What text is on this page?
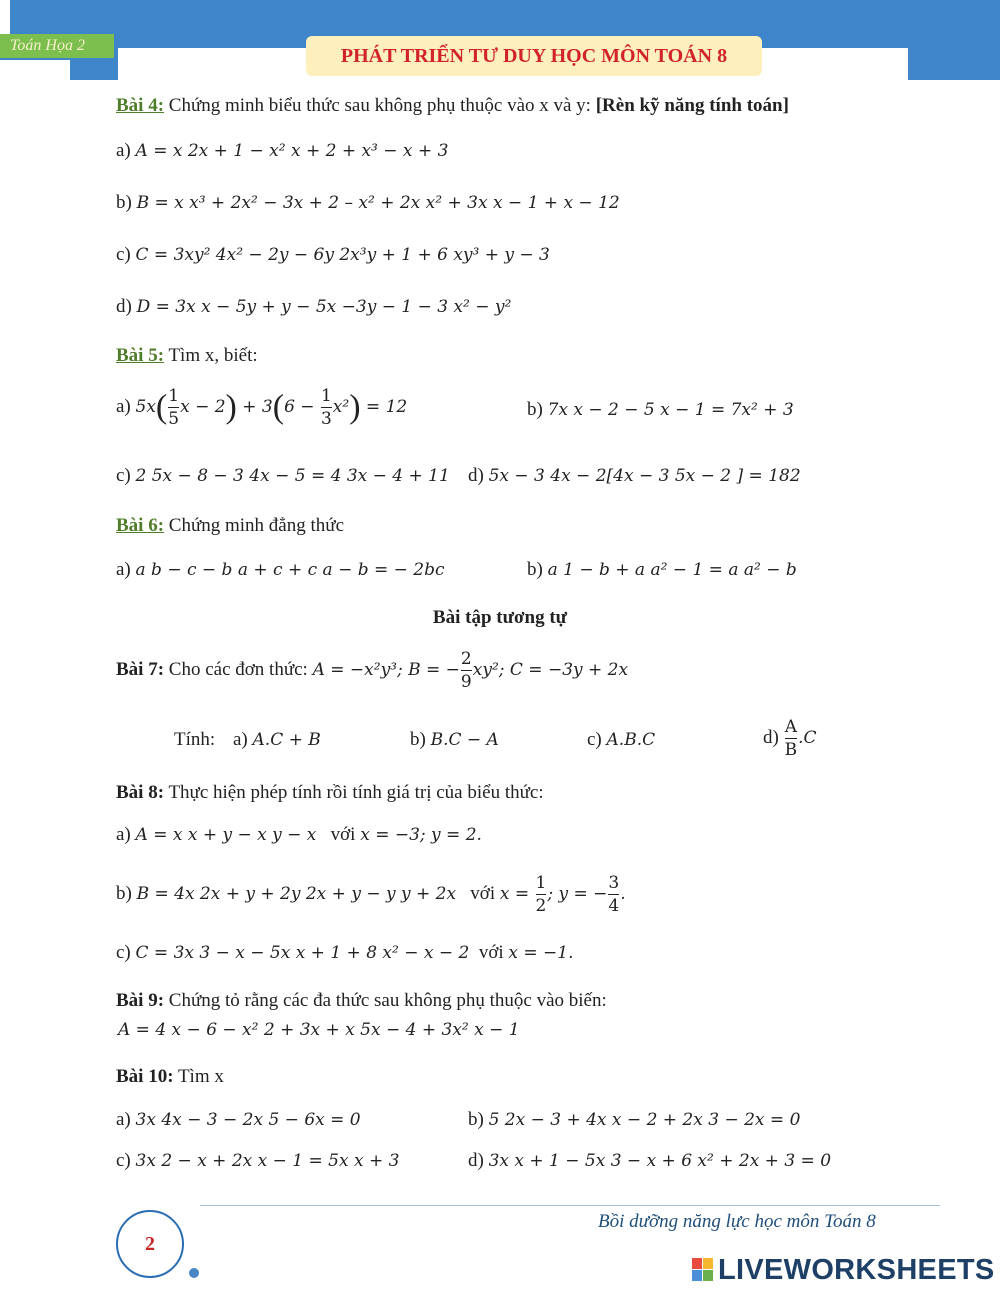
Toán Họa 2	PHÁT TRIỂN TƯ DUY HỌC MÔN TOÁN 8
Bài 4: Chứng minh biểu thức sau không phụ thuộc vào x và y: [Rèn kỹ năng tính toán]
a) A = x 2x + 1 − x² x + 2 + x³ − x + 3
b) B = x x³ + 2x² − 3x + 2 – x² + 2x x² + 3x x − 1 + x − 12
c) C = 3xy² 4x² − 2y − 6y 2x³y + 1 + 6 xy³ + y − 3
d) D = 3x x − 5y + y − 5x −3y − 1 − 3 x² − y²
Bài 5: Tìm x, biết:
a) $5x( \frac{1}{5}$ $x - 2) + 3(6 - \frac{1}{3} x^2) = 12$	b) 7x x − 2 − 5 x − 1 = 7x² + 3
c) 2 5x − 8 − 3 4x − 5 = 4 3x − 4 + 11 d) 5x − 3 4x − 2[4x − 3 5x − 2 ] = 182
Bài 6: Chứng minh đẳng thức
a) a b − c − b a + c + c a − b = − 2bc	b) a 1 − b + a a² − 1 = a a² − b
Bài tập tương tự
Bài 7: Cho các đơn thức: A = −x²y³; B = − $\frac{2}{9} xy^2$; C = −3y + 2x
Tính: a) A.C + B	b) B.C − A	c) A.B.C	$d) \frac{A}{B} .C$
Bài 8: Thực hiện phép tính rồi tính giá trị của biểu thức:
a) A = x x + y − x y − x   với x = −3; y = 2.
b) B = 4x 2x + y + 2y 2x + y − y y + 2x   với $x = \frac{1}{2}$ ; y = − $\frac{3}{4}$ .
c) C = 3x 3 − x − 5x x + 1 + 8 x² − x − 2  với x = −1.
Bài 9: Chứng tỏ rằng các đa thức sau không phụ thuộc vào biến:
A = 4 x − 6 − x² 2 + 3x + x 5x − 4 + 3x² x − 1
Bài 10: Tìm x
a) 3x 4x − 3 − 2x 5 − 6x = 0	b) 5 2x − 3 + 4x x − 2 + 2x 3 − 2x = 0
c) 3x 2 − x + 2x x − 1 = 5x x + 3	d) 3x x + 1 − 5x 3 − x + 6 x² + 2x + 3 = 0
Bồi dưỡng năng lực học môn Toán 8
2
LIVEWORKSHEETS
